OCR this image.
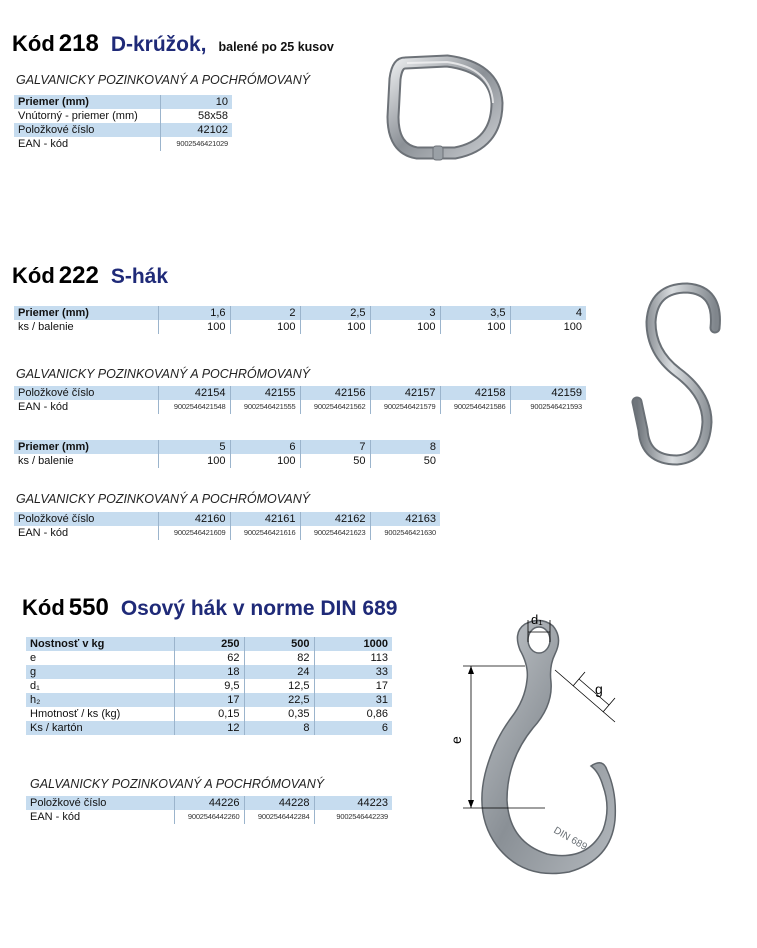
Kód 218 D-krúžok, balené po 25 kusov
GALVANICKY POZINKOVANÝ A POCHRÓMOVANÝ
Priemer (mm)	10
Vnútorný - priemer (mm)	58x58
Položkové číslo	42102
EAN - kód	9002546421029
Kód 222 S-hák
Priemer (mm)	1,6	2	2,5	3	3,5	4
ks / balenie	100	100	100	100	100	100
GALVANICKY POZINKOVANÝ A POCHRÓMOVANÝ
Položkové číslo	42154	42155	42156	42157	42158	42159
EAN - kód	9002546421548	9002546421555	9002546421562	9002546421579	9002546421586	9002546421593
Priemer (mm)	5	6	7	8
ks / balenie	100	100	50	50
GALVANICKY POZINKOVANÝ A POCHRÓMOVANÝ
Položkové číslo	42160	42161	42162	42163
EAN - kód	9002546421609	9002546421616	9002546421623	9002546421630
Kód 550 Osový hák v norme DIN 689
Nostnosť v kg	250	500	1000
e	62	82	113
g	18	24	33
d₁	9,5	12,5	17
h₂	17	22,5	31
Hmotnosť / ks (kg)	0,15	0,35	0,86
Ks / kartón	12	8	6
GALVANICKY POZINKOVANÝ A POCHRÓMOVANÝ
Položkové číslo	44226	44228	44223
EAN - kód	9002546442260	9002546442284	9002546442239
DIN 689
d₁
g
e
